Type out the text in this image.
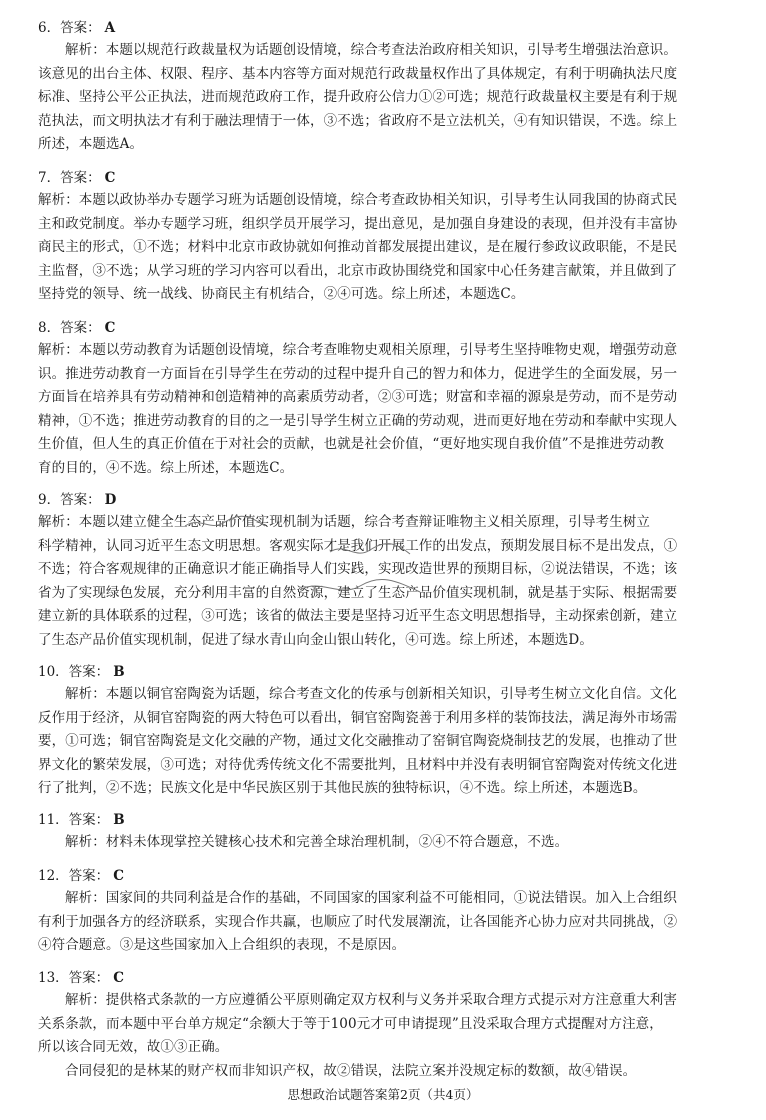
6．答案： A
解析：本题以规范行政裁量权为话题创设情境，综合考查法治政府相关知识，引导考生增强法治意识。
该意见的出台主体、权限、程序、基本内容等方面对规范行政裁量权作出了具体规定，有利于明确执法尺度
标准、坚持公平公正执法，进而规范政府工作，提升政府公信力①②可选；规范行政裁量权主要是有利于规
范执法，而文明执法才有利于融法理情于一体，③不选；省政府不是立法机关，④有知识错误，不选。综上
所述，本题选A。
7．答案： C
解析：本题以政协举办专题学习班为话题创设情境，综合考查政协相关知识，引导考生认同我国的协商式民
主和政党制度。举办专题学习班，组织学员开展学习，提出意见，是加强自身建设的表现，但并没有丰富协
商民主的形式，①不选；材料中北京市政协就如何推动首都发展提出建议，是在履行参政议政职能，不是民
主监督，③不选；从学习班的学习内容可以看出，北京市政协围绕党和国家中心任务建言献策，并且做到了
坚持党的领导、统一战线、协商民主有机结合，②④可选。综上所述，本题选C。
8．答案： C
解析：本题以劳动教育为话题创设情境，综合考查唯物史观相关原理，引导考生坚持唯物史观，增强劳动意
识。推进劳动教育一方面旨在引导学生在劳动的过程中提升自己的智力和体力，促进学生的全面发展，另一
方面旨在培养具有劳动精神和创造精神的高素质劳动者，②③可选；财富和幸福的源泉是劳动，而不是劳动
精神，①不选；推进劳动教育的目的之一是引导学生树立正确的劳动观，进而更好地在劳动和奉献中实现人
生价值，但人生的真正价值在于对社会的贡献，也就是社会价值，“更好地实现自我价值”不是推进劳动教
育的目的，④不选。综上所述，本题选C。
9．答案： D
解析：本题以建立健全生态产品价值实现机制为话题，综合考查辩证唯物主义相关原理，引导考生树立
科学精神，认同习近平生态文明思想。客观实际才是我们开展工作的出发点，预期发展目标不是出发点，①
不选；符合客观规律的正确意识才能正确指导人们实践，实现改造世界的预期目标，②说法错误，不选；该
省为了实现绿色发展，充分利用丰富的自然资源，建立了生态产品价值实现机制，就是基于实际、根据需要
建立新的具体联系的过程，③可选；该省的做法主要是坚持习近平生态文明思想指导，主动探索创新，建立
了生态产品价值实现机制，促进了绿水青山向金山银山转化，④可选。综上所述，本题选D。
10．答案： B
解析：本题以铜官窑陶瓷为话题，综合考查文化的传承与创新相关知识，引导考生树立文化自信。文化
反作用于经济，从铜官窑陶瓷的两大特色可以看出，铜官窑陶瓷善于利用多样的装饰技法，满足海外市场需
要，①可选；铜官窑陶瓷是文化交融的产物，通过文化交融推动了窑铜官陶瓷烧制技艺的发展，也推动了世
界文化的繁荣发展，③可选；对待优秀传统文化不需要批判，且材料中并没有表明铜官窑陶瓷对传统文化进
行了批判，②不选；民族文化是中华民族区别于其他民族的独特标识，④不选。综上所述，本题选B。
11．答案： B
解析：材料未体现掌控关键核心技术和完善全球治理机制，②④不符合题意，不选。
12．答案： C
解析：国家间的共同利益是合作的基础，不同国家的国家利益不可能相同，①说法错误。加入上合组织
有利于加强各方的经济联系，实现合作共赢，也顺应了时代发展潮流，让各国能齐心协力应对共同挑战，②
④符合题意。③是这些国家加入上合组织的表现，不是原因。
13．答案： C
解析：提供格式条款的一方应遵循公平原则确定双方权利与义务并采取合理方式提示对方注意重大利害
关系条款，而本题中平台单方规定“余额大于等于100元才可申请提现”且没采取合理方式提醒对方注意，
所以该合同无效，故①③正确。
合同侵犯的是林某的财产权而非知识产权，故②错误，法院立案并没规定标的数额，故④错误。
思想政治试题答案第2页（共4页）
